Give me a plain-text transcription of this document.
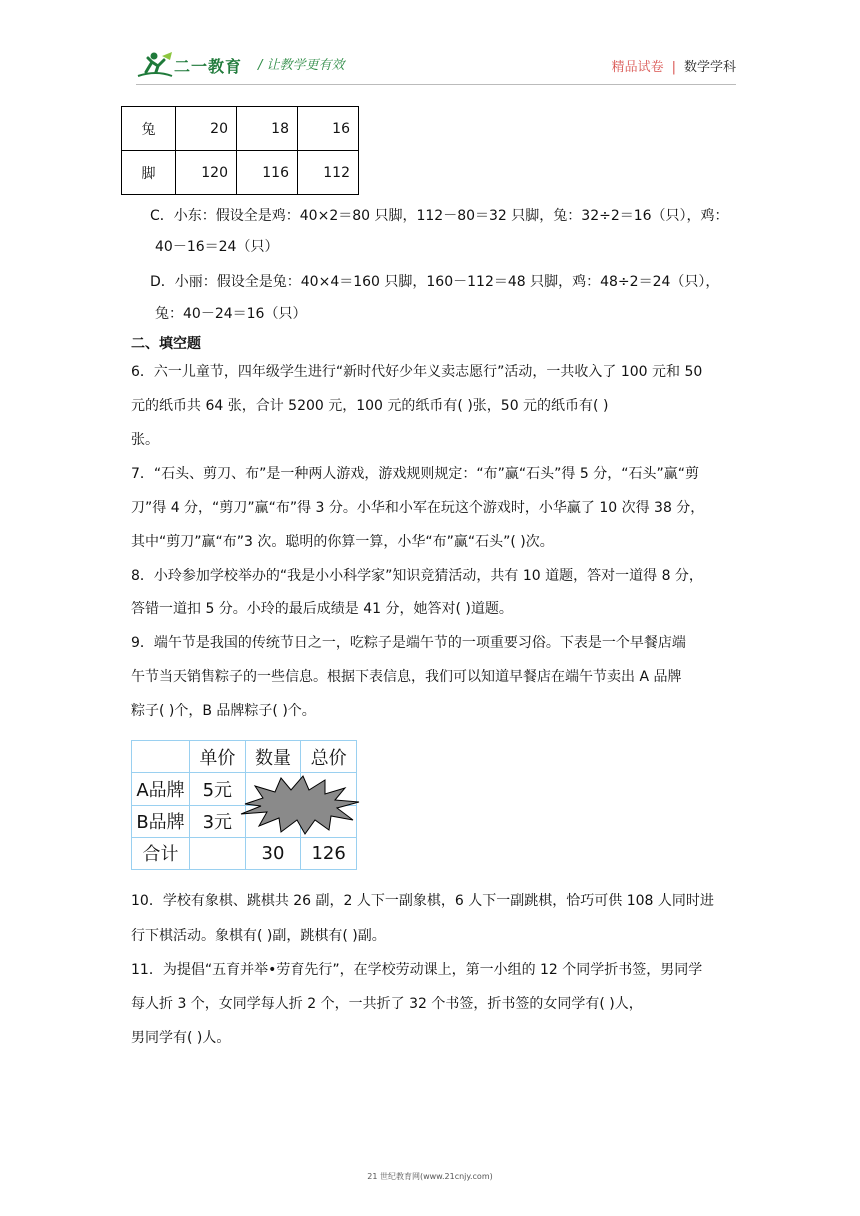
二一教育 / 让教学更有效	精品试卷 | 数学学科
兔	20	18	16
脚	120	116	112
C．小东：假设全是鸡：40×2＝80 只脚，112－80＝32 只脚，兔：32÷2＝16（只），鸡：
40－16＝24（只）
D．小丽：假设全是兔：40×4＝160 只脚，160－112＝48 只脚，鸡：48÷2＝24（只），
兔：40－24＝16（只）
二、填空题
6．六一儿童节，四年级学生进行“新时代好少年义卖志愿行”活动，一共收入了 100 元和 50
元的纸币共 64 张，合计 5200 元，100 元的纸币有( )张，50 元的纸币有( )
张。
7．“石头、剪刀、布”是一种两人游戏，游戏规则规定：“布”赢“石头”得 5 分，“石头”赢“剪
刀”得 4 分，“剪刀”赢“布”得 3 分。小华和小军在玩这个游戏时，小华赢了 10 次得 38 分，
其中“剪刀”赢“布”3 次。聪明的你算一算，小华“布”赢“石头”( )次。
8．小玲参加学校举办的“我是小小科学家”知识竞猜活动，共有 10 道题，答对一道得 8 分，
答错一道扣 5 分。小玲的最后成绩是 41 分，她答对( )道题。
9．端午节是我国的传统节日之一，吃粽子是端午节的一项重要习俗。下表是一个早餐店端
午节当天销售粽子的一些信息。根据下表信息，我们可以知道早餐店在端午节卖出 A 品牌
粽子( )个，B 品牌粽子( )个。
	单价	数量	总价
A品牌	5元		
B品牌	3元		
合计		30	126
10．学校有象棋、跳棋共 26 副，2 人下一副象棋，6 人下一副跳棋，恰巧可供 108 人同时进
行下棋活动。象棋有( )副，跳棋有( )副。
11．为提倡“五育并举•劳育先行”，在学校劳动课上，第一小组的 12 个同学折书签，男同学
每人折 3 个，女同学每人折 2 个，一共折了 32 个书签，折书签的女同学有( )人，
男同学有( )人。
21 世纪教育网(www.21cnjy.com)
